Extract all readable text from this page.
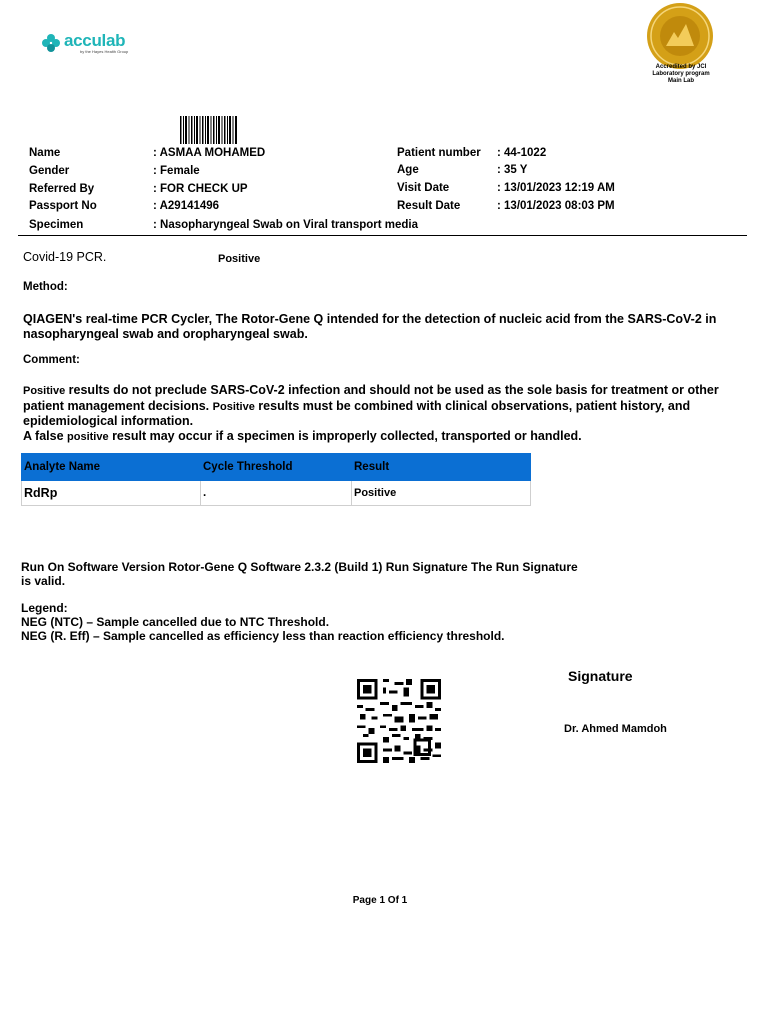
acculab
by the Hayes Health Group
Accredited by JCI
Laboratory program
Main Lab
Name	: ASMAA MOHAMED
Gender	: Female
Referred By	: FOR CHECK UP
Passport No	: A29141496
Specimen	: Nasopharyngeal Swab on Viral transport media
Patient number : 44-1022
Age	: 35 Y
Visit Date	: 13/01/2023 12:19 AM
Result Date	: 13/01/2023 08:03 PM
Covid-19 PCR.	Positive
Method:
QIAGEN's real-time PCR Cycler, The Rotor-Gene Q intended for the detection of nucleic acid from the SARS-CoV-2 in nasopharyngeal swab and oropharyngeal swab.
Comment:
Positive results do not preclude SARS-CoV-2 infection and should not be used as the sole basis for treatment or other patient management decisions. Positive results must be combined with clinical observations, patient history, and epidemiological information.
A false positive result may occur if a specimen is improperly collected, transported or handled.
Analyte Name	Cycle Threshold	Result
RdRp	.	Positive
Run On Software Version Rotor-Gene Q Software 2.3.2 (Build 1) Run Signature The Run Signature
is valid.
Legend:
NEG (NTC) – Sample cancelled due to NTC Threshold.
NEG (R. Eff) – Sample cancelled as efficiency less than reaction efficiency threshold.
Signature
Dr. Ahmed Mamdoh
Page 1 Of 1
